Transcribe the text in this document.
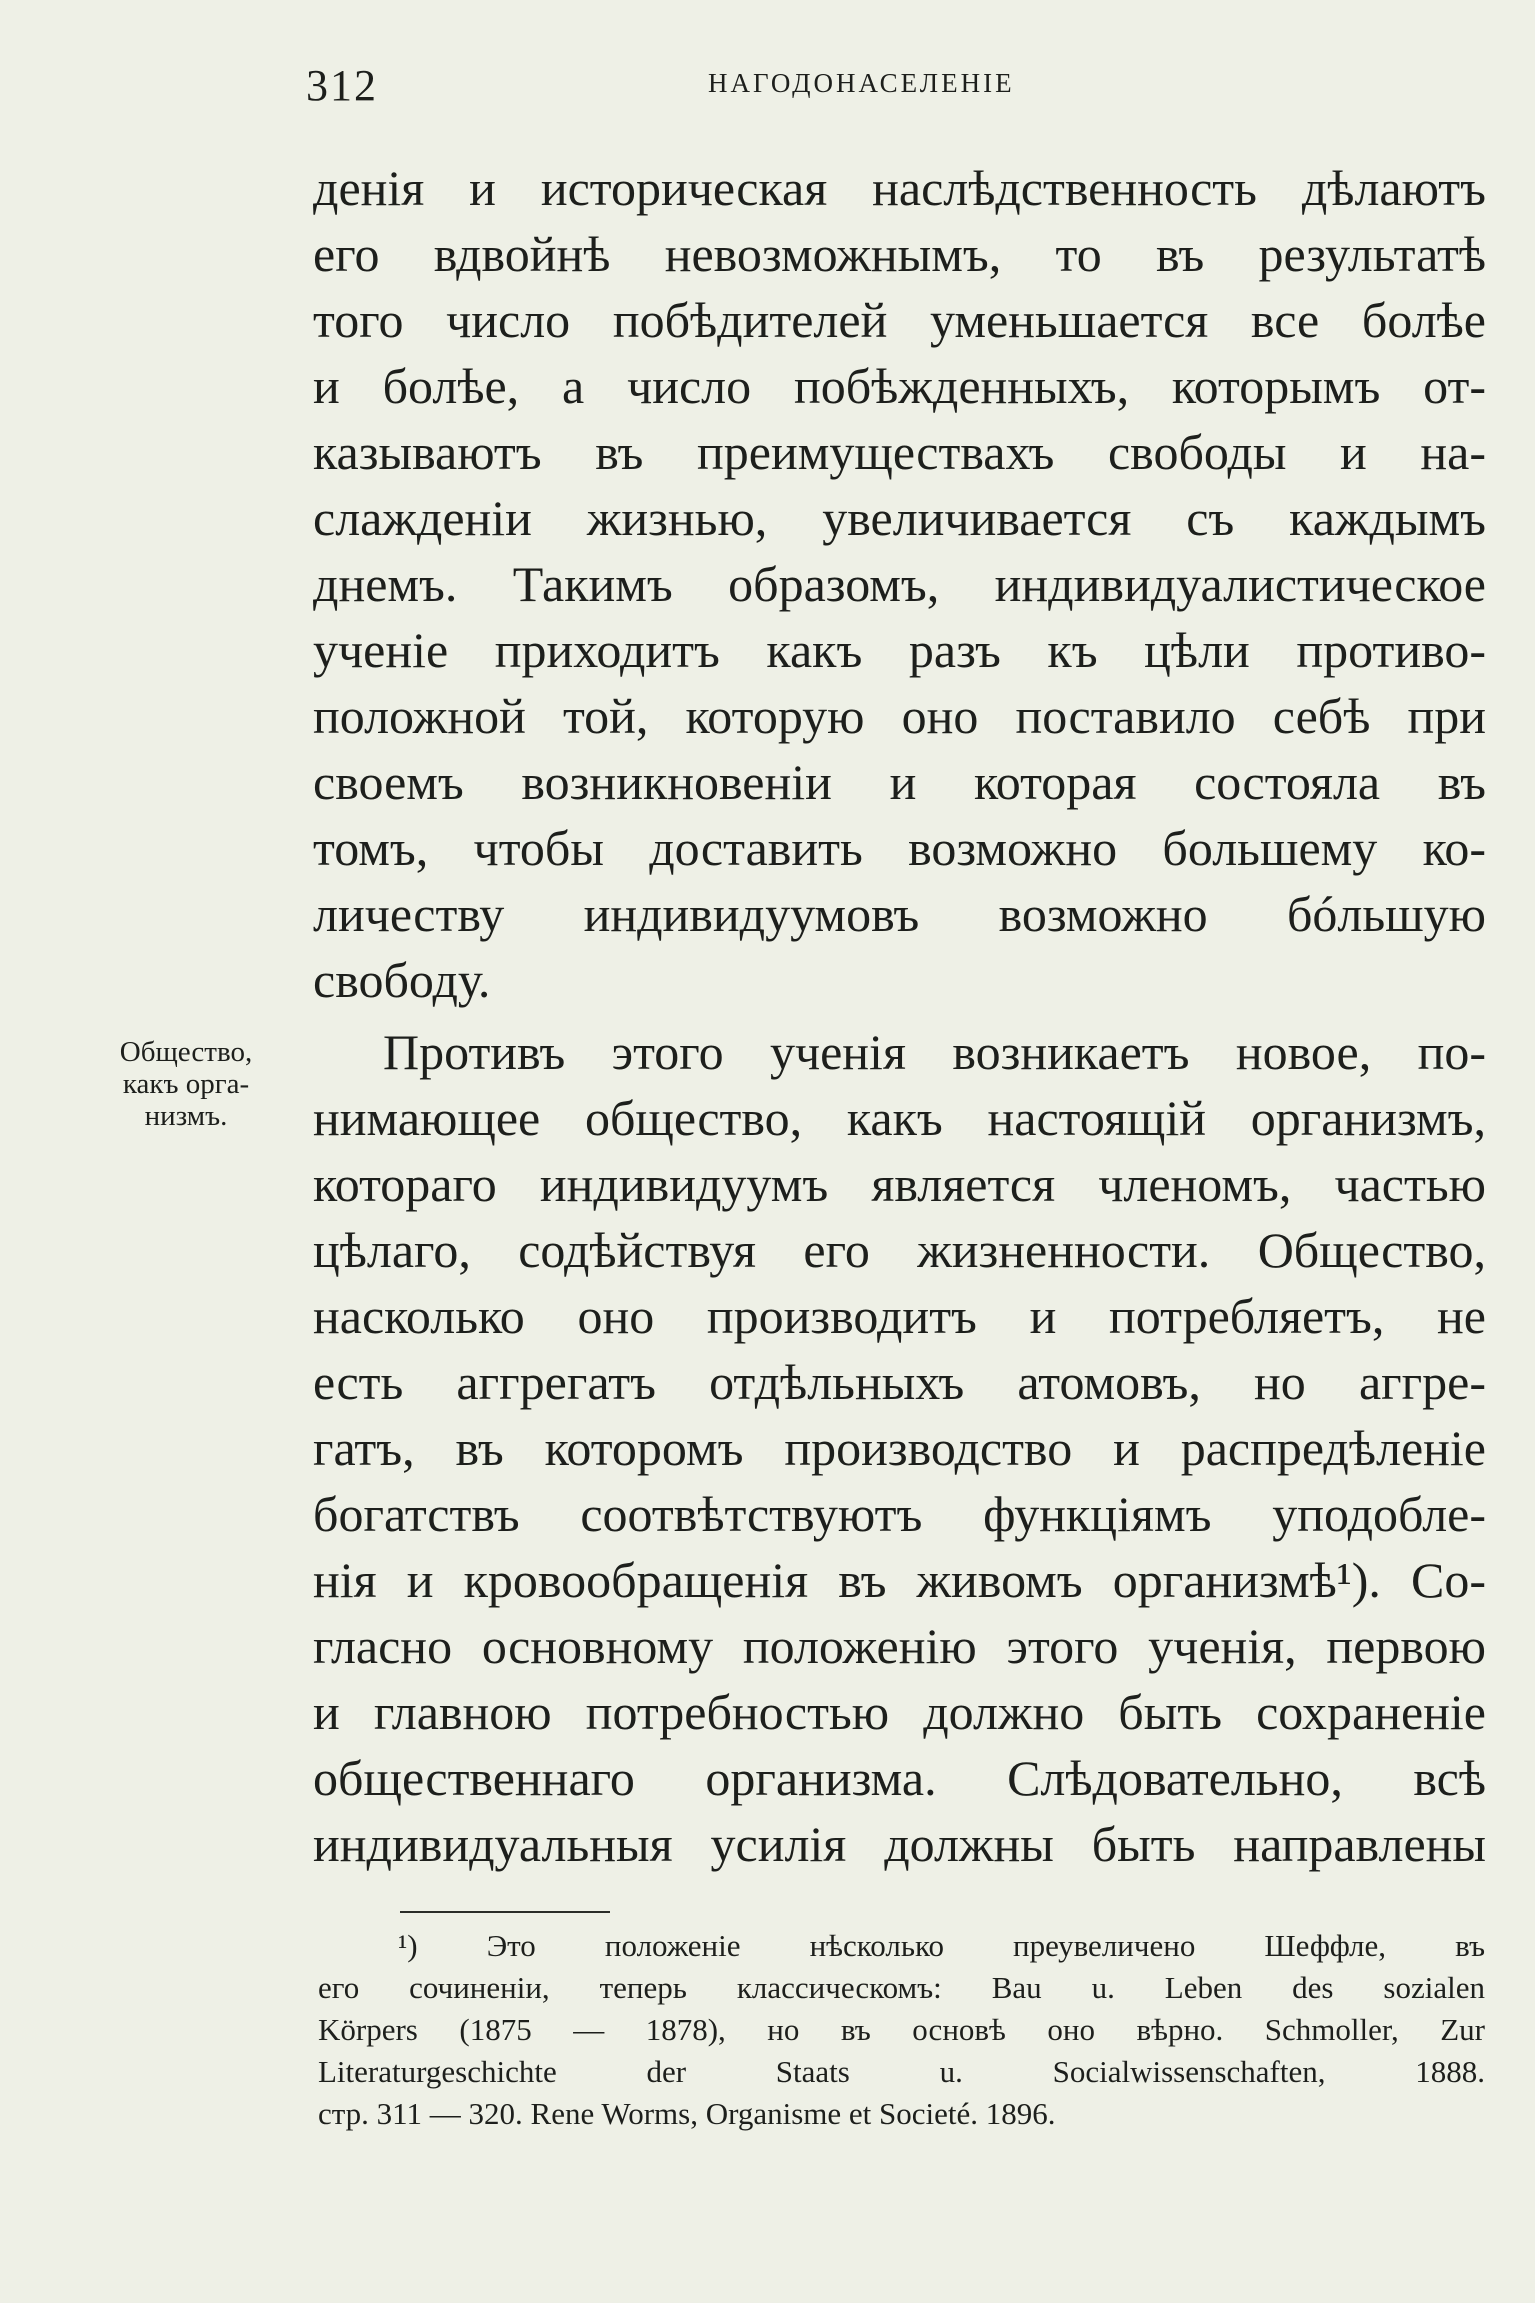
312	НАГОДОНАСЕЛЕНІЕ
Общество,
какъ орга-
низмъ.
денія и историческая наслѣдственность дѣлаютъ
его вдвойнѣ невозможнымъ, то въ результатѣ
того число побѣдителей уменьшается все болѣе
и болѣе, а число побѣжденныхъ, которымъ от-
казываютъ въ преимуществахъ свободы и на-
слажденіи жизнью, увеличивается съ каждымъ
днемъ. Такимъ образомъ, индивидуалистическое
ученіе приходитъ какъ разъ къ цѣли противо-
положной той, которую оно поставило себѣ при
своемъ возникновеніи и которая состояла въ
томъ, чтобы доставить возможно большему ко-
личеству индивидуумовъ возможно бóльшую
свободу.
Противъ этого ученія возникаетъ новое, по-
нимающее общество, какъ настоящій организмъ,
котораго индивидуумъ является членомъ, частью
цѣлаго, содѣйствуя его жизненности. Общество,
насколько оно производитъ и потребляетъ, не
есть аггрегатъ отдѣльныхъ атомовъ, но аггре-
гатъ, въ которомъ производство и распредѣленіе
богатствъ соотвѣтствуютъ функціямъ уподобле-
нія и кровообращенія въ живомъ организмѣ¹). Со-
гласно основному положенію этого ученія, первою
и главною потребностью должно быть сохраненіе
общественнаго организма. Слѣдовательно, всѣ
индивидуальныя усилія должны быть направлены
¹) Это положеніе нѣсколько преувеличено Шеффле, въ
его сочиненіи, теперь классическомъ: Bau u. Leben des sozialen
Körpers (1875 — 1878), но въ основѣ оно вѣрно. Schmoller, Zur
Literaturgeschichte der Staats u. Socialwissenschaften, 1888.
стр. 311 — 320. Rene Worms, Organisme et Societé. 1896.
